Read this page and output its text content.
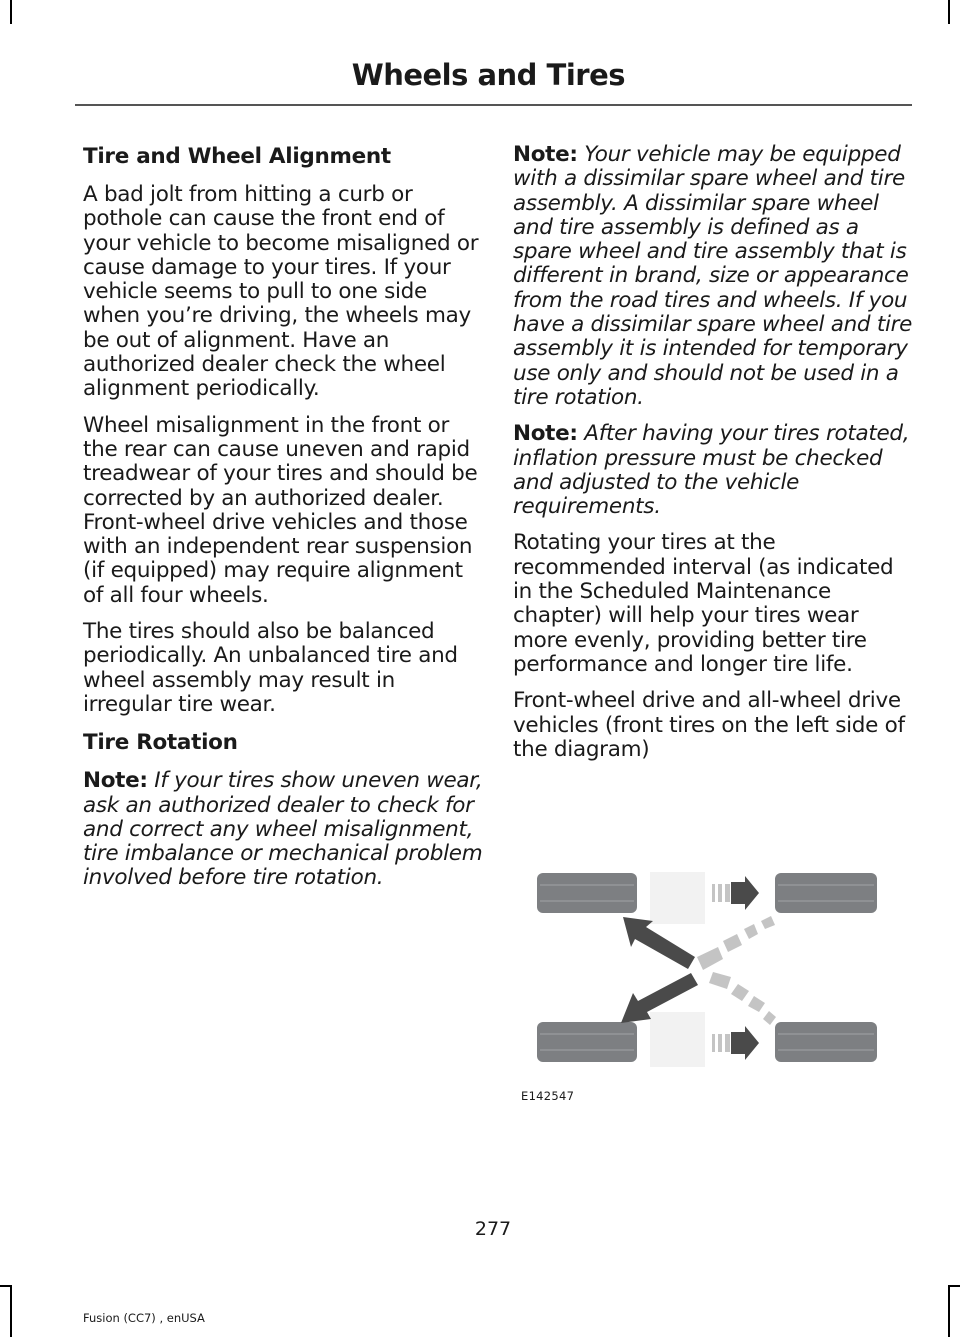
Wheels and Tires
Tire and Wheel Alignment

A bad jolt from hitting a curb or pothole can cause the front end of your vehicle to become misaligned or cause damage to your tires. If your vehicle seems to pull to one side when you’re driving, the wheels may be out of alignment. Have an authorized dealer check the wheel alignment periodically.

Wheel misalignment in the front or the rear can cause uneven and rapid treadwear of your tires and should be corrected by an authorized dealer. Front-wheel drive vehicles and those with an independent rear suspension (if equipped) may require alignment of all four wheels.

The tires should also be balanced periodically. An unbalanced tire and wheel assembly may result in irregular tire wear.

Tire Rotation

Note: If your tires show uneven wear, ask an authorized dealer to check for and correct any wheel misalignment, tire imbalance or mechanical problem involved before tire rotation.

Note: Your vehicle may be equipped with a dissimilar spare wheel and tire assembly. A dissimilar spare wheel and tire assembly is defined as a spare wheel and tire assembly that is different in brand, size or appearance from the road tires and wheels. If you have a dissimilar spare wheel and tire assembly it is intended for temporary use only and should not be used in a tire rotation.

Note: After having your tires rotated, inflation pressure must be checked and adjusted to the vehicle requirements.

Rotating your tires at the recommended interval (as indicated in the Scheduled Maintenance chapter) will help your tires wear more evenly, providing better tire performance and longer tire life.

Front-wheel drive and all-wheel drive vehicles (front tires on the left side of the diagram)

E142547
277
Fusion (CC7) , enUSA
